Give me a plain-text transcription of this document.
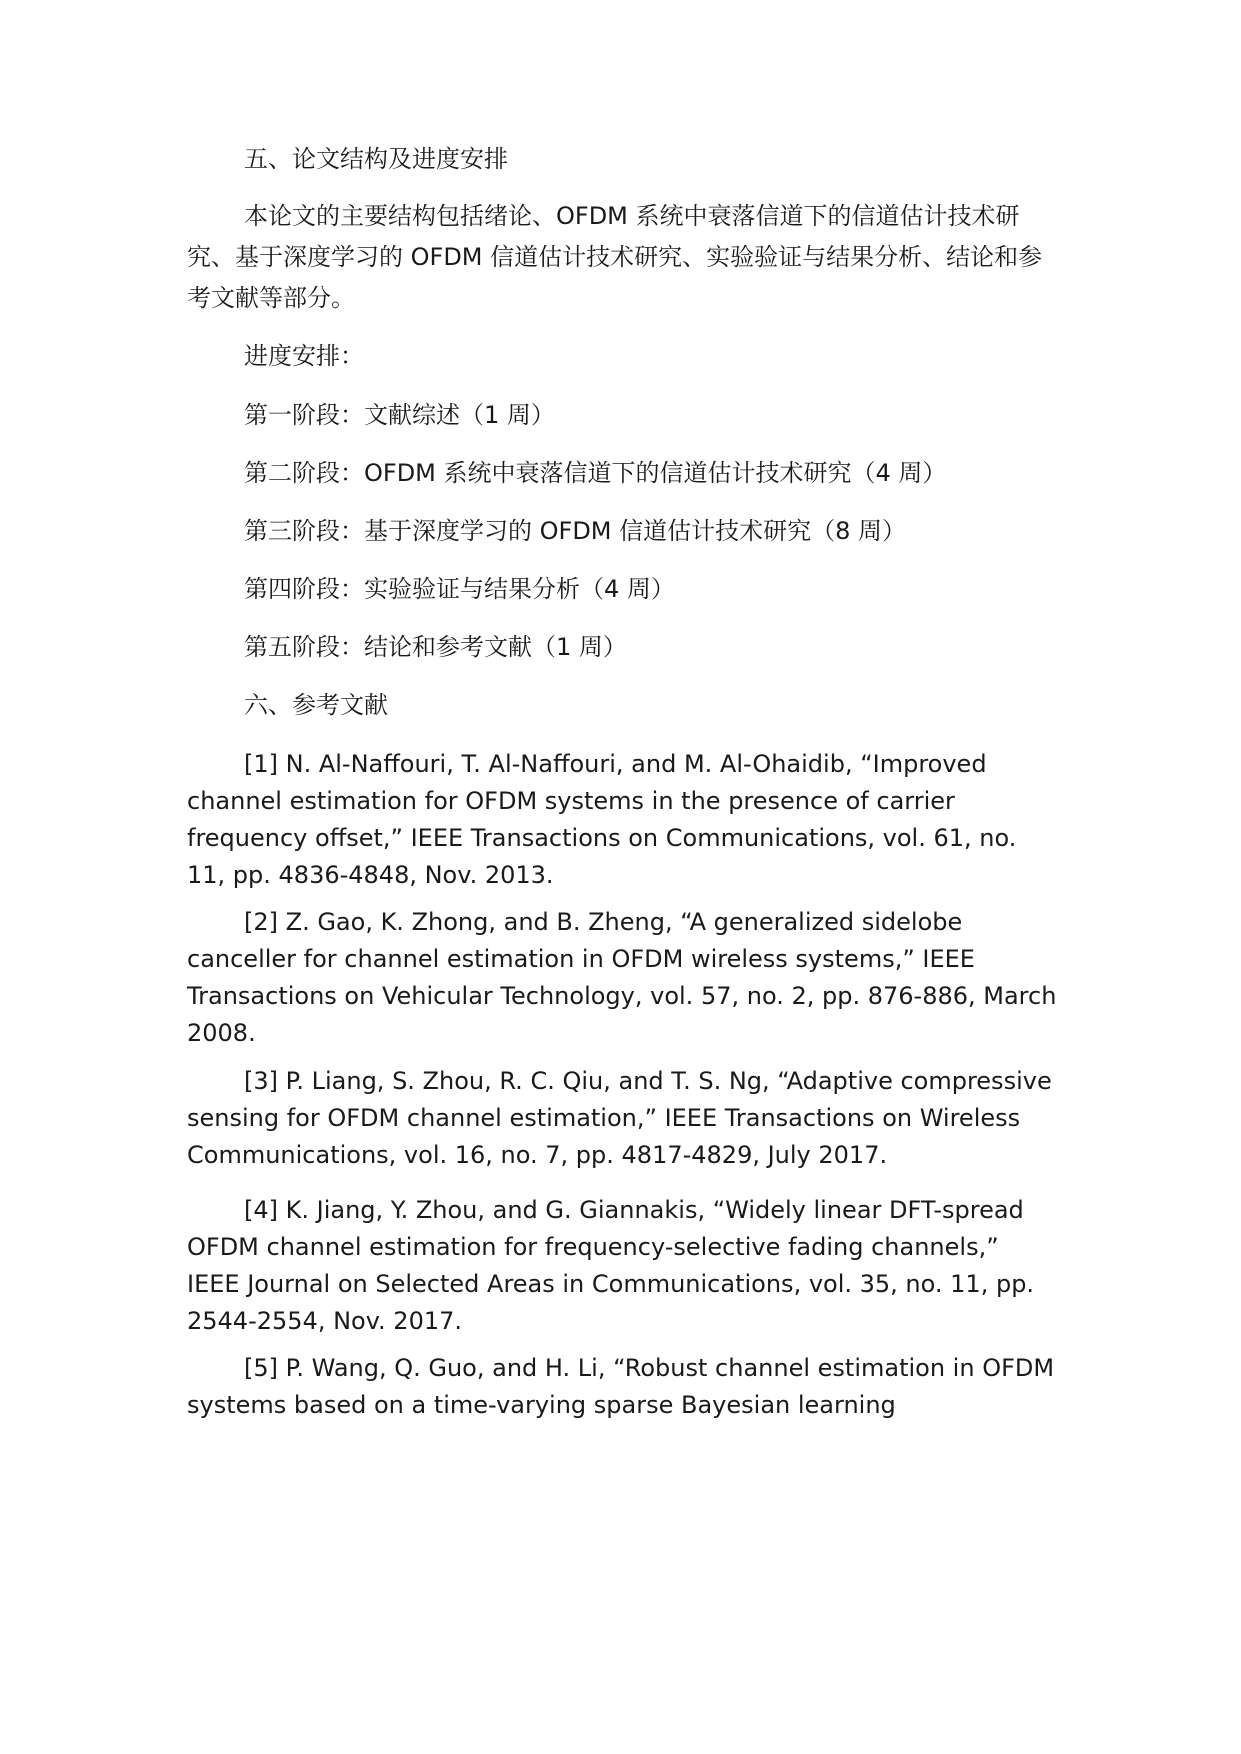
五、论文结构及进度安排

本论文的主要结构包括绪论、OFDM 系统中衰落信道下的信道估计技术研究、基于深度学习的 OFDM 信道估计技术研究、实验验证与结果分析、结论和参考文献等部分。

进度安排：

第一阶段：文献综述（1 周）

第二阶段：OFDM 系统中衰落信道下的信道估计技术研究（4 周）

第三阶段：基于深度学习的 OFDM 信道估计技术研究（8 周）

第四阶段：实验验证与结果分析（4 周）

第五阶段：结论和参考文献（1 周）

六、参考文献

[1] N. Al-Naffouri, T. Al-Naffouri, and M. Al-Ohaidib, “Improved channel estimation for OFDM systems in the presence of carrier frequency offset,” IEEE Transactions on Communications, vol. 61, no. 11, pp. 4836-4848, Nov. 2013.

[2] Z. Gao, K. Zhong, and B. Zheng, “A generalized sidelobe canceller for channel estimation in OFDM wireless systems,” IEEE Transactions on Vehicular Technology, vol. 57, no. 2, pp. 876-886, March 2008.

[3] P. Liang, S. Zhou, R. C. Qiu, and T. S. Ng, “Adaptive compressive sensing for OFDM channel estimation,” IEEE Transactions on Wireless Communications, vol. 16, no. 7, pp. 4817-4829, July 2017.

[4] K. Jiang, Y. Zhou, and G. Giannakis, “Widely linear DFT-spread OFDM channel estimation for frequency-selective fading channels,” IEEE Journal on Selected Areas in Communications, vol. 35, no. 11, pp. 2544-2554, Nov. 2017.

[5] P. Wang, Q. Guo, and H. Li, “Robust channel estimation in OFDM systems based on a time-varying sparse Bayesian learning
